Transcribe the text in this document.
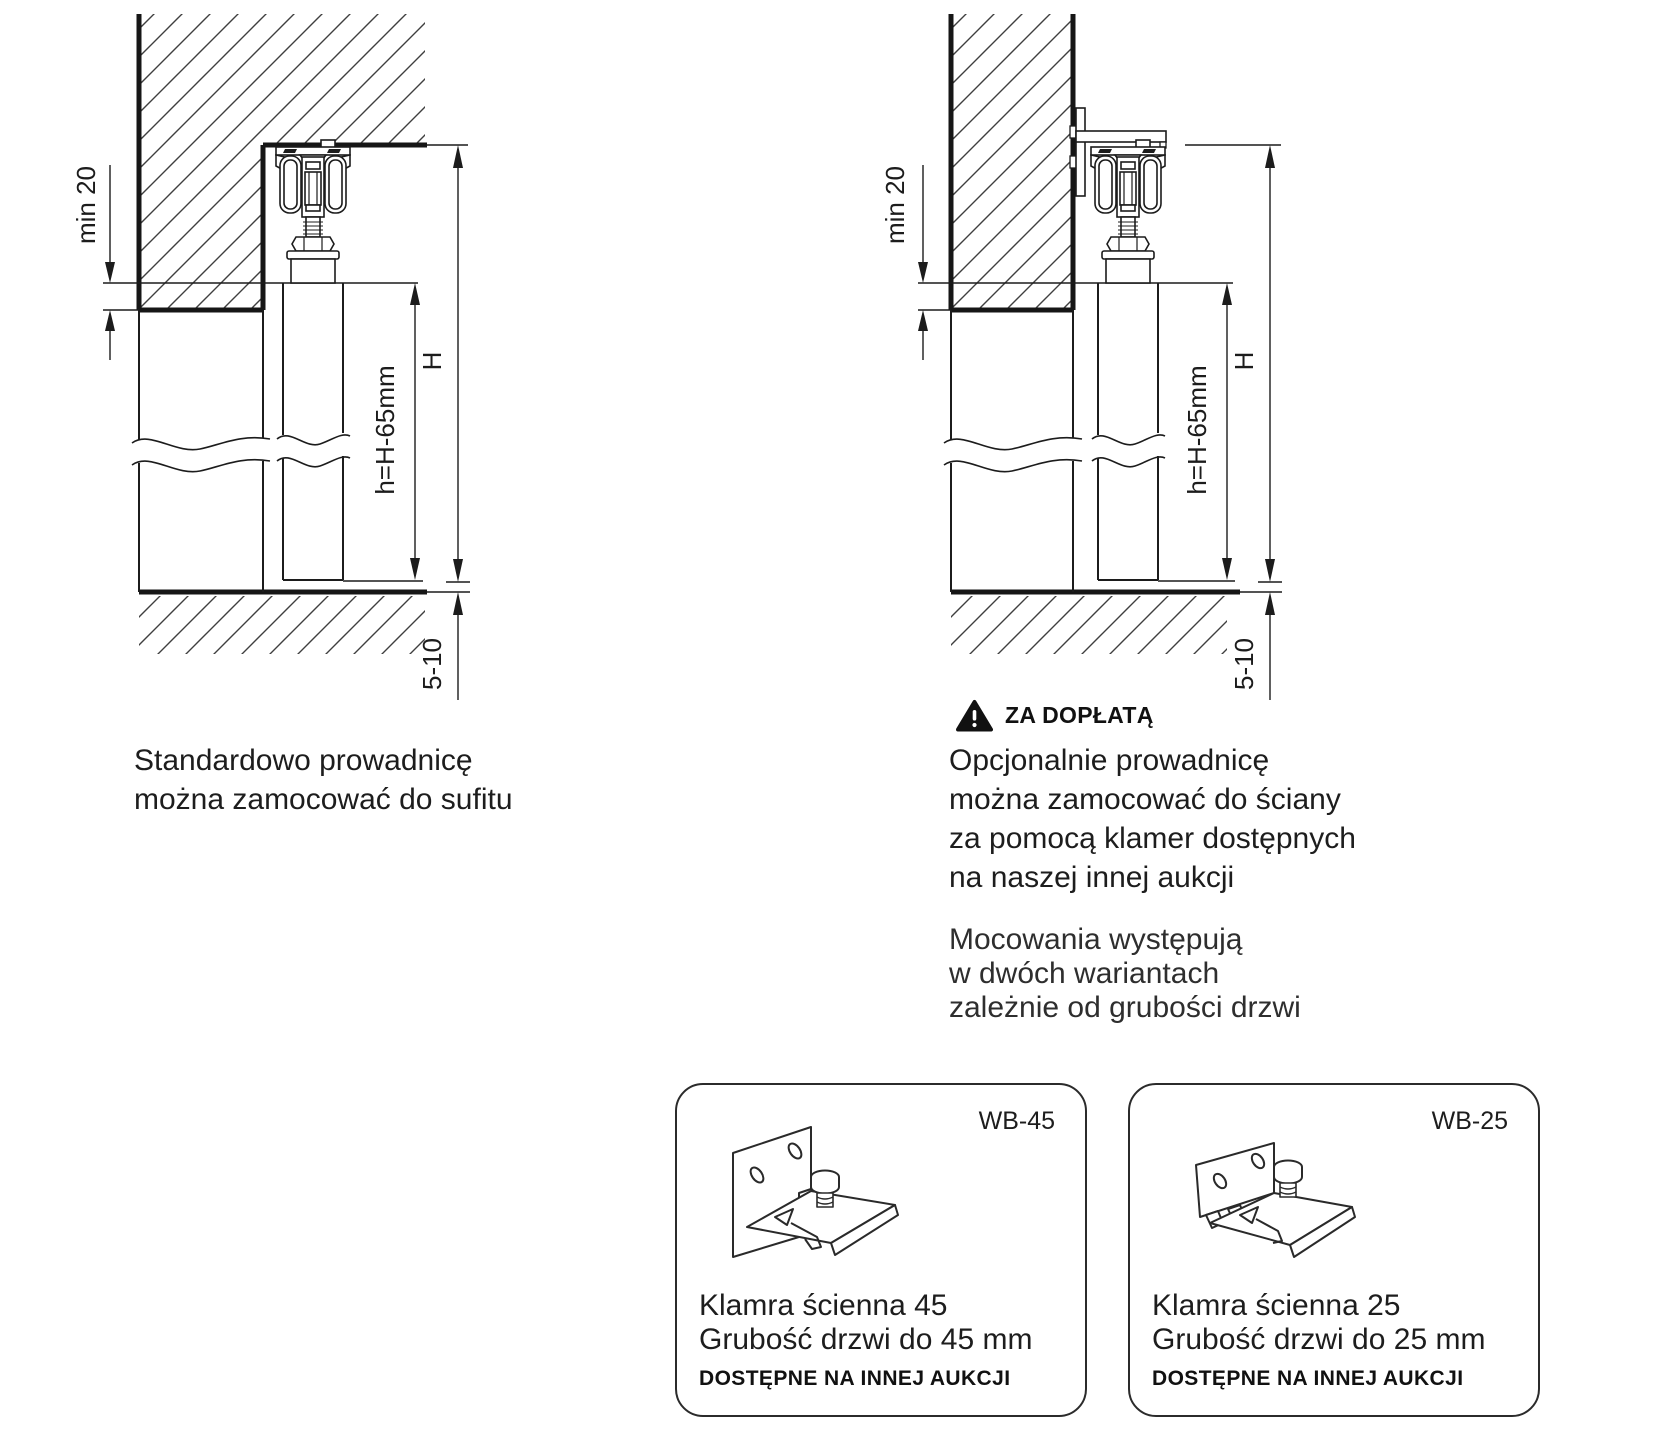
min 20
h=H-65mm
H
5-10
min 20
h=H-65mm
H
5-10
Standardowo prowadnicę
można zamocować do sufitu
ZA DOPŁATĄ
Opcjonalnie prowadnicę
można zamocować do ściany
za pomocą klamer dostępnych
na naszej innej aukcji
Mocowania występują
w dwóch wariantach
zależnie od grubości drzwi
WB-45
Klamra ścienna 45
Grubość drzwi do 45 mm
DOSTĘPNE NA INNEJ AUKCJI
WB-25
Klamra ścienna 25
Grubość drzwi do 25 mm
DOSTĘPNE NA INNEJ AUKCJI
